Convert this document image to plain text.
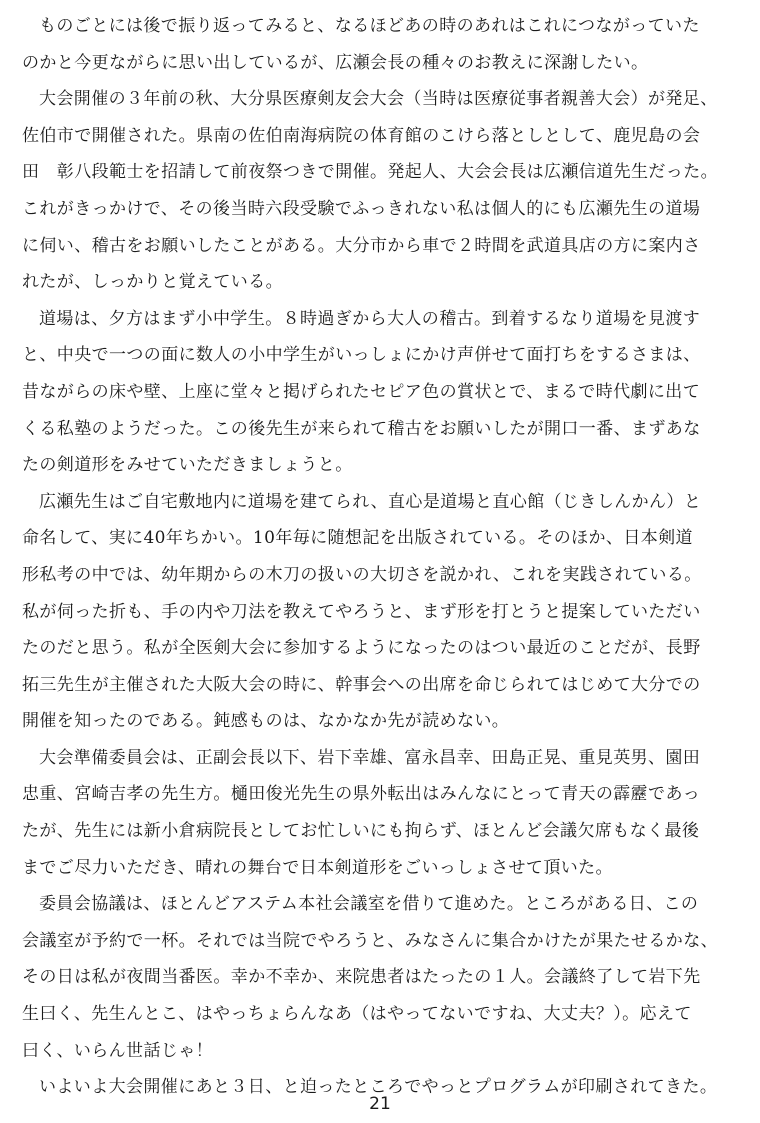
ものごとには後で振り返ってみると、なるほどあの時のあれはこれにつながっていた
のかと今更ながらに思い出しているが、広瀬会長の種々のお教えに深謝したい。
大会開催の３年前の秋、大分県医療剣友会大会（当時は医療従事者親善大会）が発足、
佐伯市で開催された。県南の佐伯南海病院の体育館のこけら落としとして、鹿児島の会
田　彰八段範士を招請して前夜祭つきで開催。発起人、大会会長は広瀬信道先生だった。
これがきっかけで、その後当時六段受験でふっきれない私は個人的にも広瀬先生の道場
に伺い、稽古をお願いしたことがある。大分市から車で２時間を武道具店の方に案内さ
れたが、しっかりと覚えている。
道場は、夕方はまず小中学生。８時過ぎから大人の稽古。到着するなり道場を見渡す
と、中央で一つの面に数人の小中学生がいっしょにかけ声併せて面打ちをするさまは、
昔ながらの床や壁、上座に堂々と掲げられたセピア色の賞状とで、まるで時代劇に出て
くる私塾のようだった。この後先生が来られて稽古をお願いしたが開口一番、まずあな
たの剣道形をみせていただきましょうと。
広瀬先生はご自宅敷地内に道場を建てられ、直心是道場と直心館（じきしんかん）と
命名して、実に40年ちかい。10年毎に随想記を出版されている。そのほか、日本剣道
形私考の中では、幼年期からの木刀の扱いの大切さを説かれ、これを実践されている。
私が伺った折も、手の内や刀法を教えてやろうと、まず形を打とうと提案していただい
たのだと思う。私が全医剣大会に参加するようになったのはつい最近のことだが、長野
拓三先生が主催された大阪大会の時に、幹事会への出席を命じられてはじめて大分での
開催を知ったのである。鈍感ものは、なかなか先が読めない。
大会準備委員会は、正副会長以下、岩下幸雄、富永昌幸、田島正晃、重見英男、園田
忠重、宮崎吉孝の先生方。樋田俊光先生の県外転出はみんなにとって青天の霹靂であっ
たが、先生には新小倉病院長としてお忙しいにも拘らず、ほとんど会議欠席もなく最後
までご尽力いただき、晴れの舞台で日本剣道形をごいっしょさせて頂いた。
委員会協議は、ほとんどアステム本社会議室を借りて進めた。ところがある日、この
会議室が予約で一杯。それでは当院でやろうと、みなさんに集合かけたが果たせるかな、
その日は私が夜間当番医。幸か不幸か、来院患者はたったの１人。会議終了して岩下先
生曰く、先生んとこ、はやっちょらんなあ（はやってないですね、大丈夫？）。応えて
曰く、いらん世話じゃ！
いよいよ大会開催にあと３日、と迫ったところでやっとプログラムが印刷されてきた。
21
